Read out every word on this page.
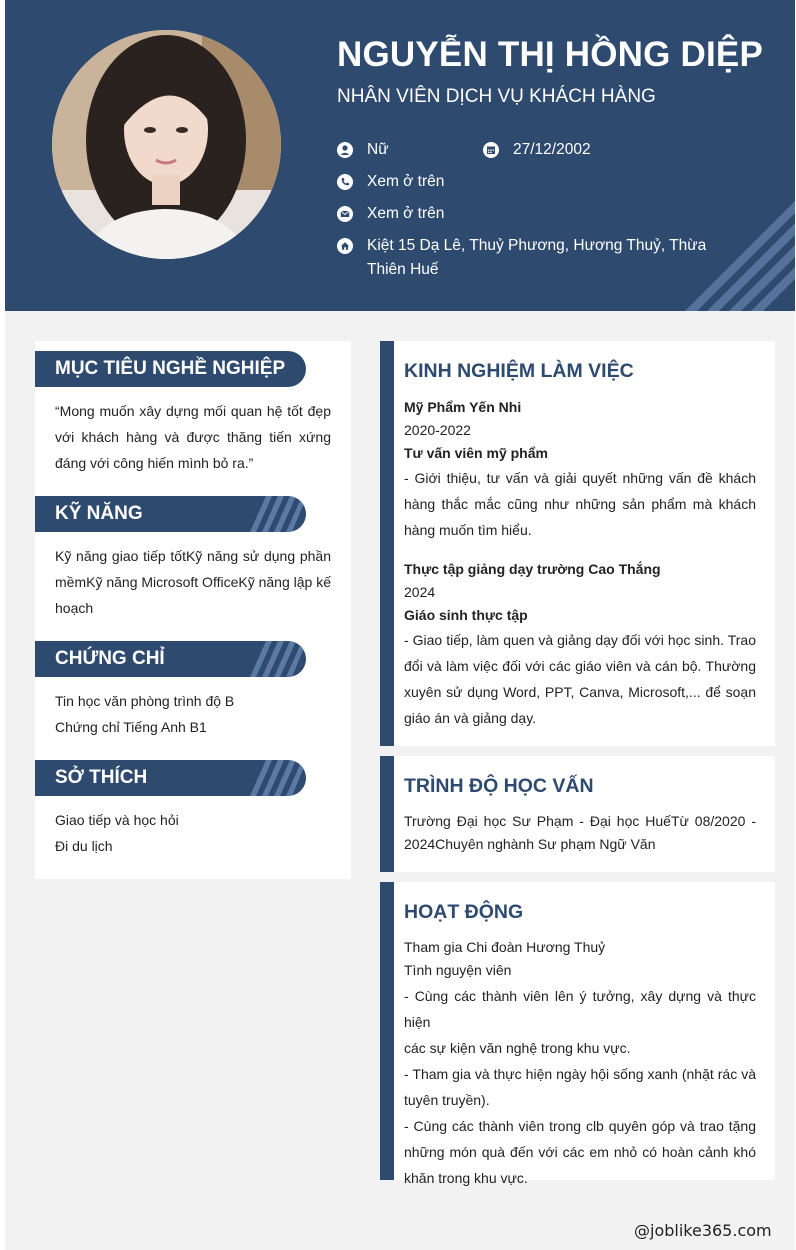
NGUYỄN THỊ HỒNG DIỆP
NHÂN VIÊN DỊCH VỤ KHÁCH HÀNG
Nữ	27/12/2002
Xem ở trên
Xem ở trên
Kiệt 15 Dạ Lê, Thuỷ Phương, Hương Thuỷ, Thừa
Thiên Huế
MỤC TIÊU NGHỀ NGHIỆP
“Mong muốn xây dựng mối quan hệ tốt đẹp
với khách hàng và được thăng tiến xứng
đáng với công hiến mình bỏ ra.”
KỸ NĂNG
Kỹ năng giao tiếp tốtKỹ năng sử dụng phần
mềmKỹ năng Microsoft OfficeKỹ năng lập kế
hoạch
CHỨNG CHỈ
Tin học văn phòng trình độ B
Chứng chỉ Tiếng Anh B1
SỞ THÍCH
Giao tiếp và học hỏi
Đi du lịch
KINH NGHIỆM LÀM VIỆC
Mỹ Phẩm Yến Nhi
2020-2022
Tư vấn viên mỹ phẩm
- Giới thiệu, tư vấn và giải quyết những vấn đề khách
hàng thắc mắc cũng như những sản phẩm mà khách
hàng muốn tìm hiểu.
Thực tập giảng dạy trường Cao Thắng
2024
Giáo sinh thực tập
- Giao tiếp, làm quen và giảng dạy đối với học sinh. Trao
đổi và làm việc đối với các giáo viên và cán bộ. Thường
xuyên sử dụng Word, PPT, Canva, Microsoft,... để soạn
giáo án và giảng dạy.
TRÌNH ĐỘ HỌC VẤN
Trường Đại học Sư Phạm - Đại học HuếTừ 08/2020 -
2024Chuyên nghành Sư phạm Ngữ Văn
HOẠT ĐỘNG
Tham gia Chi đoàn Hương Thuỷ
Tình nguyện viên
- Cùng các thành viên lên ý tưởng, xây dựng và thực hiện
các sự kiện văn nghệ trong khu vực.
- Tham gia và thực hiện ngày hội sống xanh (nhặt rác và
tuyên truyền).
- Cùng các thành viên trong clb quyên góp và trao tặng
những món quà đến với các em nhỏ có hoàn cảnh khó
khăn trong khu vực.
@joblike365.com
